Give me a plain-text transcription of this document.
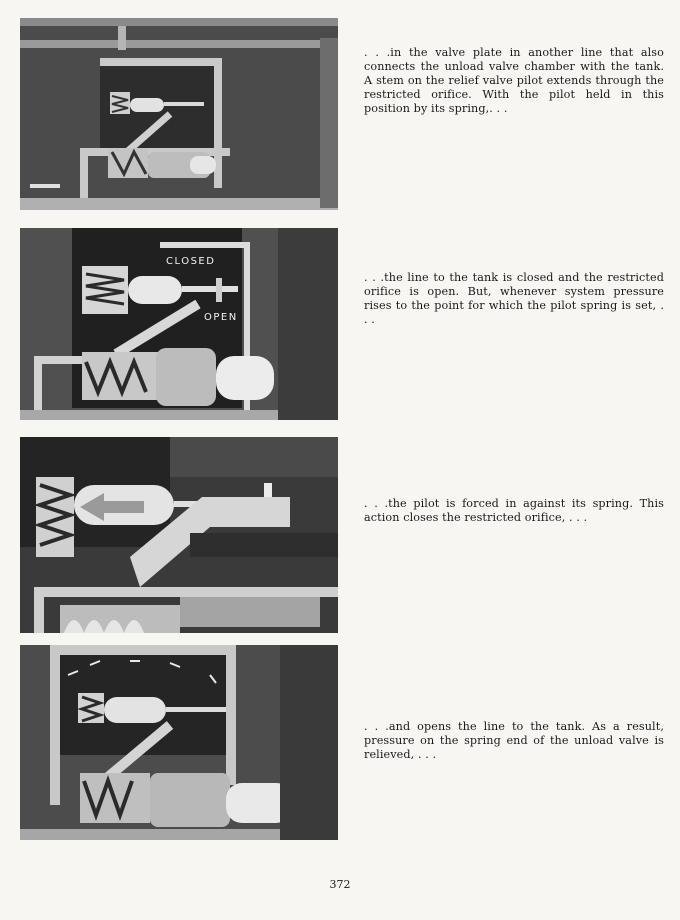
CLOSED
OPEN
. . .in the valve plate in another line that also connects the unload valve chamber with the tank. A stem on the relief valve pilot extends through the restricted orifice. With the pilot held in this position by its spring,. . .
. . .the line to the tank is closed and the restricted orifice is open. But, whenever system pressure rises to the point for which the pilot spring is set, . . .
. . .the pilot is forced in against its spring. This action closes the restricted orifice, . . .
. . .and opens the line to the tank. As a result, pressure on the spring end of the unload valve is relieved, . . .
372
